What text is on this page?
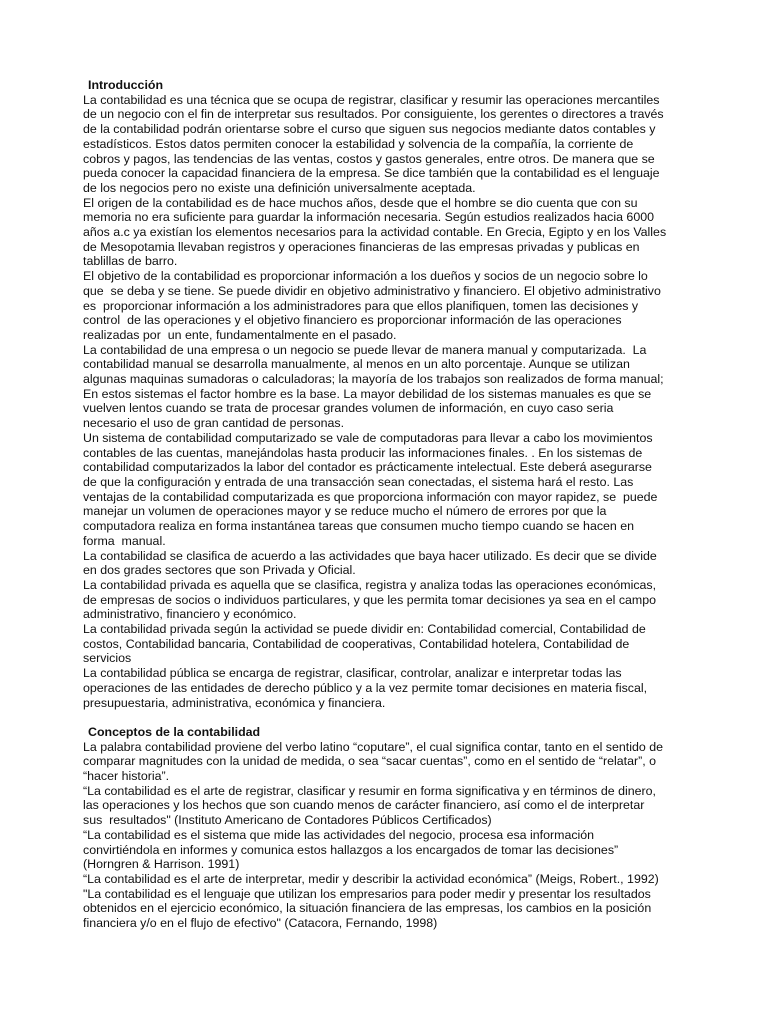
Introducción

La contabilidad es una técnica que se ocupa de registrar, clasificar y resumir las operaciones mercantiles
de un negocio con el fin de interpretar sus resultados. Por consiguiente, los gerentes o directores a través
de la contabilidad podrán orientarse sobre el curso que siguen sus negocios mediante datos contables y
estadísticos. Estos datos permiten conocer la estabilidad y solvencia de la compañía, la corriente de
cobros y pagos, las tendencias de las ventas, costos y gastos generales, entre otros. De manera que se
pueda conocer la capacidad financiera de la empresa. Se dice también que la contabilidad es el lenguaje
de los negocios pero no existe una definición universalmente aceptada.

El origen de la contabilidad es de hace muchos años, desde que el hombre se dio cuenta que con su
memoria no era suficiente para guardar la información necesaria. Según estudios realizados hacia 6000
años a.c ya existían los elementos necesarios para la actividad contable. En Grecia, Egipto y en los Valles
de Mesopotamia llevaban registros y operaciones financieras de las empresas privadas y publicas en
tablillas de barro.

El objetivo de la contabilidad es proporcionar información a los dueños y socios de un negocio sobre lo
que  se deba y se tiene. Se puede dividir en objetivo administrativo y financiero. El objetivo administrativo
es  proporcionar información a los administradores para que ellos planifiquen, tomen las decisiones y
control  de las operaciones y el objetivo financiero es proporcionar información de las operaciones
realizadas por  un ente, fundamentalmente en el pasado.

La contabilidad de una empresa o un negocio se puede llevar de manera manual y computarizada.  La
contabilidad manual se desarrolla manualmente, al menos en un alto porcentaje. Aunque se utilizan
algunas maquinas sumadoras o calculadoras; la mayoría de los trabajos son realizados de forma manual;
En estos sistemas el factor hombre es la base. La mayor debilidad de los sistemas manuales es que se
vuelven lentos cuando se trata de procesar grandes volumen de información, en cuyo caso seria
necesario el uso de gran cantidad de personas.

Un sistema de contabilidad computarizado se vale de computadoras para llevar a cabo los movimientos
contables de las cuentas, manejándolas hasta producir las informaciones finales. . En los sistemas de
contabilidad computarizados la labor del contador es prácticamente intelectual. Este deberá asegurarse
de que la configuración y entrada de una transacción sean conectadas, el sistema hará el resto. Las
ventajas de la contabilidad computarizada es que proporciona información con mayor rapidez, se  puede
manejar un volumen de operaciones mayor y se reduce mucho el número de errores por que la
computadora realiza en forma instantánea tareas que consumen mucho tiempo cuando se hacen en
forma  manual.

La contabilidad se clasifica de acuerdo a las actividades que baya hacer utilizado. Es decir que se divide
en dos grades sectores que son Privada y Oficial.

La contabilidad privada es aquella que se clasifica, registra y analiza todas las operaciones económicas,
de empresas de socios o individuos particulares, y que les permita tomar decisiones ya sea en el campo
administrativo, financiero y económico.

La contabilidad privada según la actividad se puede dividir en: Contabilidad comercial, Contabilidad de
costos, Contabilidad bancaria, Contabilidad de cooperativas, Contabilidad hotelera, Contabilidad de
servicios

La contabilidad pública se encarga de registrar, clasificar, controlar, analizar e interpretar todas las
operaciones de las entidades de derecho público y a la vez permite tomar decisiones en materia fiscal,
presupuestaria, administrativa, económica y financiera.

Conceptos de la contabilidad

La palabra contabilidad proviene del verbo latino “coputare”, el cual significa contar, tanto en el sentido de
comparar magnitudes con la unidad de medida, o sea “sacar cuentas”, como en el sentido de “relatar”, o
“hacer historia”.

“La contabilidad es el arte de registrar, clasificar y resumir en forma significativa y en términos de dinero,
las operaciones y los hechos que son cuando menos de carácter financiero, así como el de interpretar
sus  resultados" (Instituto Americano de Contadores Públicos Certificados)

“La contabilidad es el sistema que mide las actividades del negocio, procesa esa información
convirtiéndola en informes y comunica estos hallazgos a los encargados de tomar las decisiones”
(Horngren & Harrison. 1991)

“La contabilidad es el arte de interpretar, medir y describir la actividad económica” (Meigs, Robert., 1992)

"La contabilidad es el lenguaje que utilizan los empresarios para poder medir y presentar los resultados
obtenidos en el ejercicio económico, la situación financiera de las empresas, los cambios en la posición
financiera y/o en el flujo de efectivo" (Catacora, Fernando, 1998)
